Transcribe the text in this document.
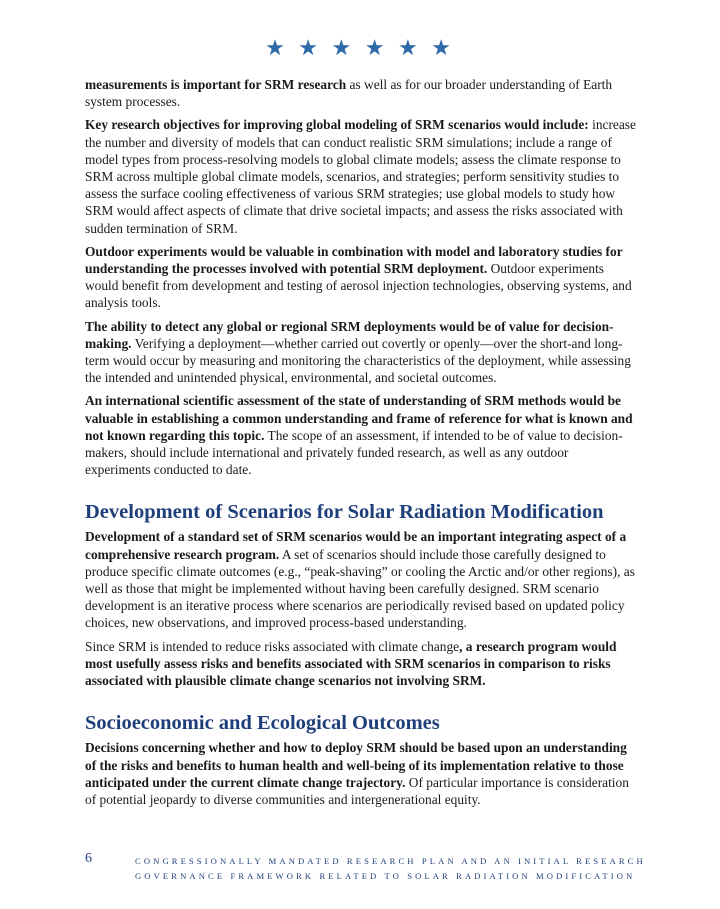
★ ★ ★ ★ ★ ★

measurements is important for SRM research as well as for our broader understanding of Earth system processes.

Key research objectives for improving global modeling of SRM scenarios would include: increase the number and diversity of models that can conduct realistic SRM simulations; include a range of model types from process-resolving models to global climate models; assess the climate response to SRM across multiple global climate models, scenarios, and strategies; perform sensitivity studies to assess the surface cooling effectiveness of various SRM strategies; use global models to study how SRM would affect aspects of climate that drive societal impacts; and assess the risks associated with sudden termination of SRM.

Outdoor experiments would be valuable in combination with model and laboratory studies for understanding the processes involved with potential SRM deployment. Outdoor experiments would benefit from development and testing of aerosol injection technologies, observing systems, and analysis tools.

The ability to detect any global or regional SRM deployments would be of value for decision-making. Verifying a deployment—whether carried out covertly or openly—over the short-and long-term would occur by measuring and monitoring the characteristics of the deployment, while assessing the intended and unintended physical, environmental, and societal outcomes.

An international scientific assessment of the state of understanding of SRM methods would be valuable in establishing a common understanding and frame of reference for what is known and not known regarding this topic. The scope of an assessment, if intended to be of value to decision-makers, should include international and privately funded research, as well as any outdoor experiments conducted to date.

Development of Scenarios for Solar Radiation Modification

Development of a standard set of SRM scenarios would be an important integrating aspect of a comprehensive research program. A set of scenarios should include those carefully designed to produce specific climate outcomes (e.g., “peak-shaving” or cooling the Arctic and/or other regions), as well as those that might be implemented without having been carefully designed. SRM scenario development is an iterative process where scenarios are periodically revised based on updated policy choices, new observations, and improved process-based understanding.

Since SRM is intended to reduce risks associated with climate change, a research program would most usefully assess risks and benefits associated with SRM scenarios in comparison to risks associated with plausible climate change scenarios not involving SRM.

Socioeconomic and Ecological Outcomes

Decisions concerning whether and how to deploy SRM should be based upon an understanding of the risks and benefits to human health and well-being of its implementation relative to those anticipated under the current climate change trajectory. Of particular importance is consideration of potential jeopardy to diverse communities and intergenerational equity.

6	CONGRESSIONALLY MANDATED RESEARCH PLAN AND AN INITIAL RESEARCH
GOVERNANCE FRAMEWORK RELATED TO SOLAR RADIATION MODIFICATION
